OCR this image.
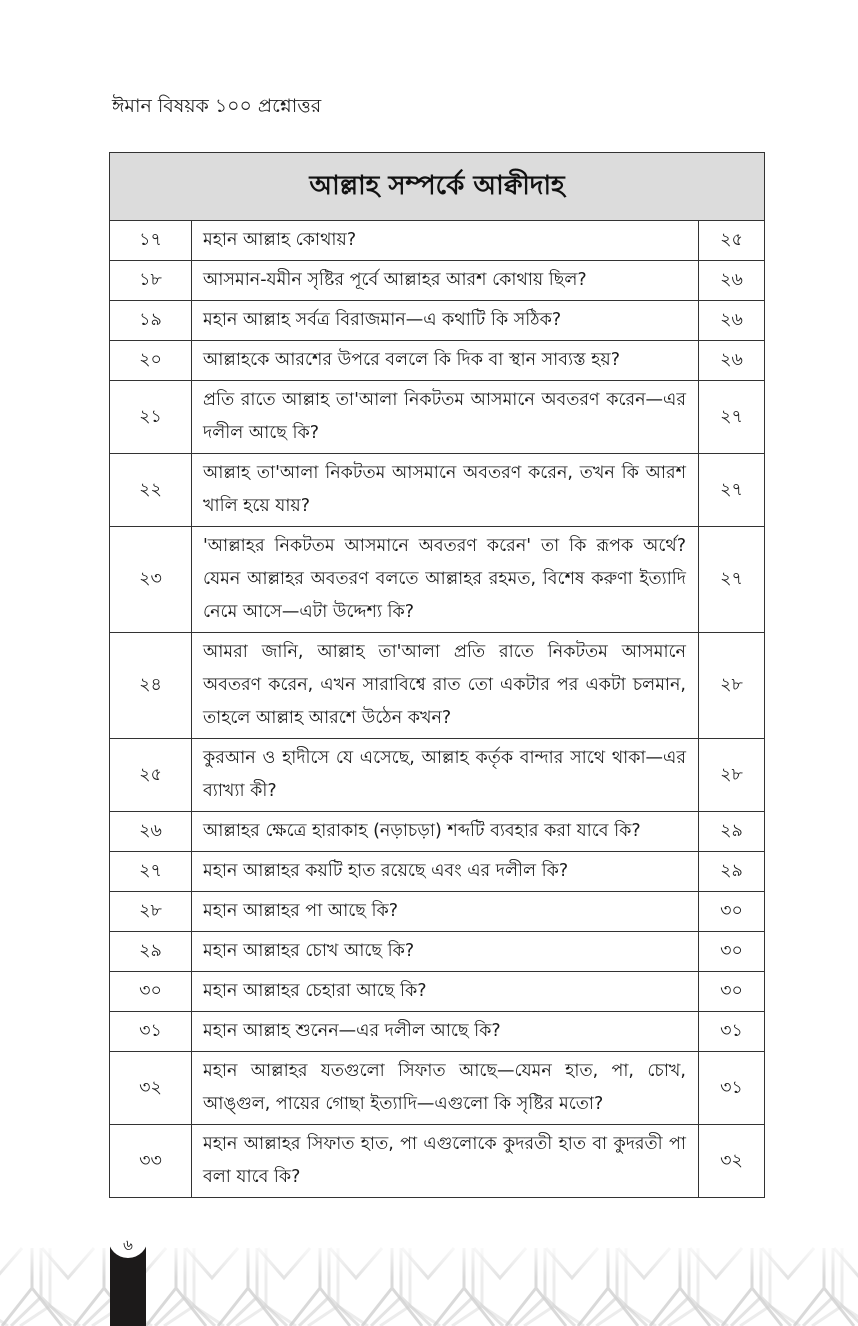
ঈমান বিষয়ক ১০০ প্রশ্নোত্তর
আল্লাহ সম্পর্কে আক্বীদাহ		
১৭	মহান আল্লাহ কোথায়?	২৫
১৮	আসমান-যমীন সৃষ্টির পূর্বে আল্লাহর আরশ কোথায় ছিল?	২৬
১৯	মহান আল্লাহ সর্বত্র বিরাজমান—এ কথাটি কি সঠিক?	২৬
২০	আল্লাহকে আরশের উপরে বললে কি দিক বা স্থান সাব্যস্ত হয়?	২৬
২১	প্রতি রাতে আল্লাহ তা'আলা নিকটতম আসমানে অবতরণ করেন—এর দলীল আছে কি?	২৭
২২	আল্লাহ তা'আলা নিকটতম আসমানে অবতরণ করেন, তখন কি আরশ খালি হয়ে যায়?	২৭
২৩	'আল্লাহর নিকটতম আসমানে অবতরণ করেন' তা কি রূপক অর্থে? যেমন আল্লাহর অবতরণ বলতে আল্লাহর রহমত, বিশেষ করুণা ইত্যাদি নেমে আসে—এটা উদ্দেশ্য কি?	২৭
২৪	আমরা জানি, আল্লাহ তা'আলা প্রতি রাতে নিকটতম আসমানে অবতরণ করেন, এখন সারাবিশ্বে রাত তো একটার পর একটা চলমান, তাহলে আল্লাহ আরশে উঠেন কখন?	২৮
২৫	কুরআন ও হাদীসে যে এসেছে, আল্লাহ কর্তৃক বান্দার সাথে থাকা—এর ব্যাখ্যা কী?	২৮
২৬	আল্লাহর ক্ষেত্রে হারাকাহ (নড়াচড়া) শব্দটি ব্যবহার করা যাবে কি?	২৯
২৭	মহান আল্লাহর কয়টি হাত রয়েছে এবং এর দলীল কি?	২৯
২৮	মহান আল্লাহর পা আছে কি?	৩০
২৯	মহান আল্লাহর চোখ আছে কি?	৩০
৩০	মহান আল্লাহর চেহারা আছে কি?	৩০
৩১	মহান আল্লাহ শুনেন—এর দলীল আছে কি?	৩১
৩২	মহান আল্লাহর যতগুলো সিফাত আছে—যেমন হাত, পা, চোখ, আঙ্গুল, পায়ের গোছা ইত্যাদি—এগুলো কি সৃষ্টির মতো?	৩১
৩৩	মহান আল্লাহর সিফাত হাত, পা এগুলোকে কুদরতী হাত বা কুদরতী পা বলা যাবে কি?	৩২
৬
